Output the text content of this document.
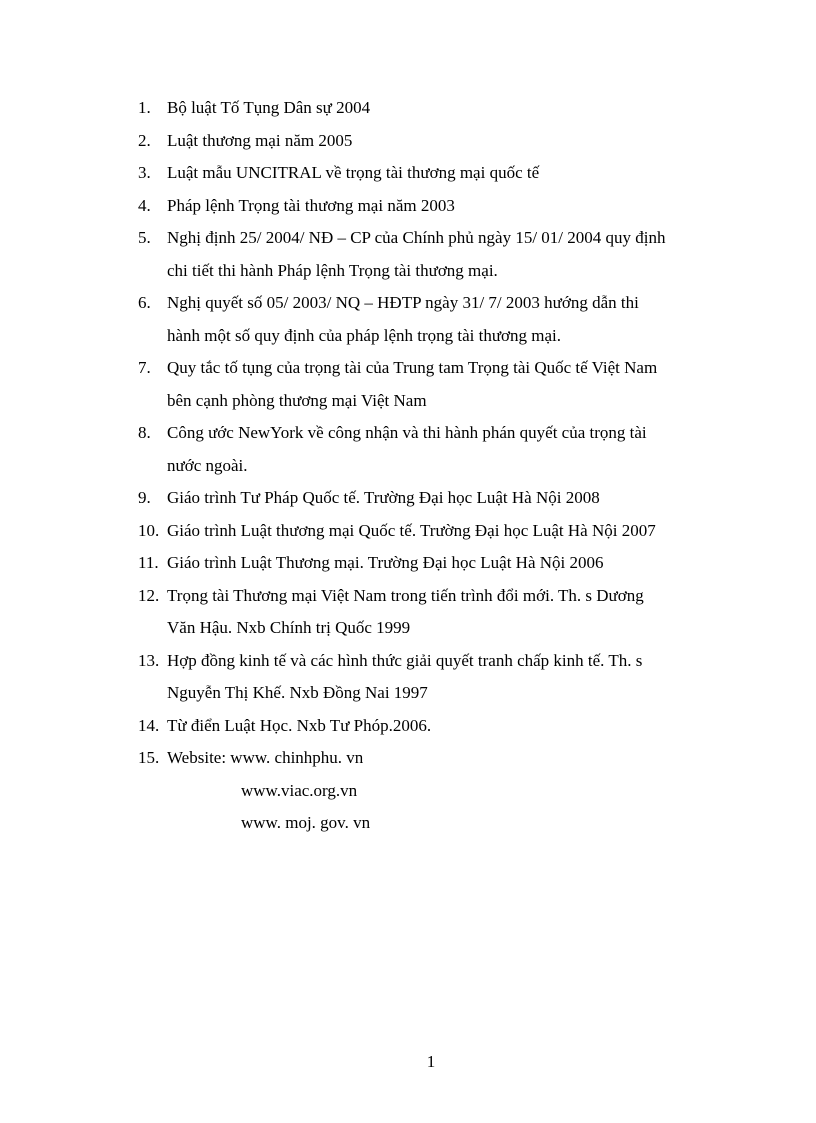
1. Bộ luật Tố Tụng Dân sự 2004
2. Luật thương mại năm 2005
3. Luật mẫu UNCITRAL về trọng tài thương mại quốc tế
4. Pháp lệnh Trọng tài thương mại năm 2003
5. Nghị định 25/ 2004/ NĐ – CP của Chính phủ ngày 15/ 01/ 2004 quy định
chi tiết thi hành Pháp lệnh Trọng tài thương mại.
6. Nghị quyết số 05/ 2003/ NQ – HĐTP ngày 31/ 7/ 2003 hướng dẫn thi
hành một số quy định của pháp lệnh trọng tài thương mại.
7. Quy tắc tố tụng của trọng tài của Trung tam Trọng tài Quốc tế Việt Nam
bên cạnh phòng thương mại Việt Nam
8. Công ước NewYork về công nhận và thi hành phán quyết của trọng tài
nước ngoài.
9. Giáo trình Tư Pháp Quốc tế. Trường Đại học Luật Hà Nội 2008
10. Giáo trình Luật thương mại Quốc tế. Trường Đại học Luật Hà Nội 2007
11. Giáo trình Luật Thương mại. Trường Đại học Luật Hà Nội 2006
12. Trọng tài Thương mại Việt Nam trong tiến trình đổi mới. Th. s Dương
Văn Hậu. Nxb Chính trị Quốc 1999
13. Hợp đồng kinh tế và các hình thức giải quyết tranh chấp kinh tế. Th. s
Nguyễn Thị Khế. Nxb Đồng Nai 1997
14. Từ điển Luật Học. Nxb Tư Phóp.2006.
15. Website: www. chinhphu. vn
www.viac.org.vn
www. moj. gov. vn
1
